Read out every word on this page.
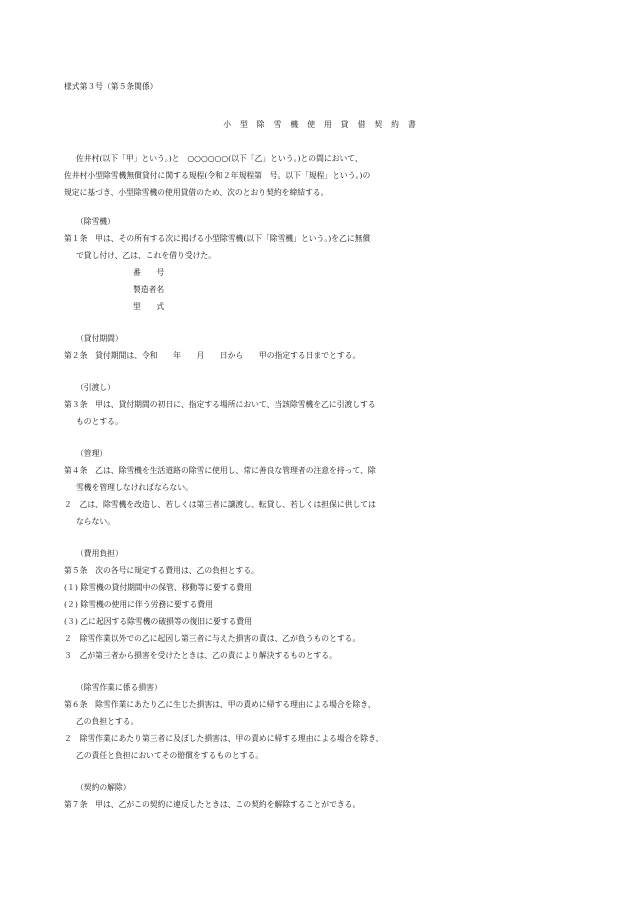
様式第３号（第５条関係）
小型除雪機使用貸借契約書
佐井村(以下「甲」という。)と　○○○○○○(以下「乙」という。)との間において、
佐井村小型除雪機無償貸付に関する規程(令和２年規程第　号。以下「規程」という。)の
規定に基づき、小型除雪機の使用貸借のため、次のとおり契約を締結する。
（除雪機）
第１条　甲は、その所有する次に掲げる小型除雪機(以下「除雪機」という。)を乙に無償
で貸し付け、乙は、これを借り受けた。
番　　号
製造者名
型　　式
（貸付期間）
第２条　貸付期間は、令和　　年　　月　　日から　　甲の指定する日までとする。
（引渡し）
第３条　甲は、貸付期間の初日に、指定する場所において、当該除雪機を乙に引渡しする
ものとする。
（管理）
第４条　乙は、除雪機を生活道路の除雪に使用し、常に善良な管理者の注意を持って、除
雪機を管理しなければならない。
２　乙は、除雪機を改造し、若しくは第三者に譲渡し、転貸し、若しくは担保に供しては
ならない。
（費用負担）
第５条　次の各号に規定する費用は、乙の負担とする。
(１) 除雪機の貸付期間中の保管、移動等に要する費用
(２) 除雪機の使用に伴う労務に要する費用
(３) 乙に起因する除雪機の破損等の復旧に要する費用
２　除雪作業以外での乙に起因し第三者に与えた損害の責は、乙が負うものとする。
３　乙が第三者から損害を受けたときは、乙の責により解決するものとする。
（除雪作業に係る損害）
第６条　除雪作業にあたり乙に生じた損害は、甲の責めに帰する理由による場合を除き、
乙の負担とする。
２　除雪作業にあたり第三者に及ぼした損害は、甲の責めに帰する理由による場合を除き、
乙の責任と負担においてその賠償をするものとする。
（契約の解除）
第７条　甲は、乙がこの契約に違反したときは、この契約を解除することができる。
